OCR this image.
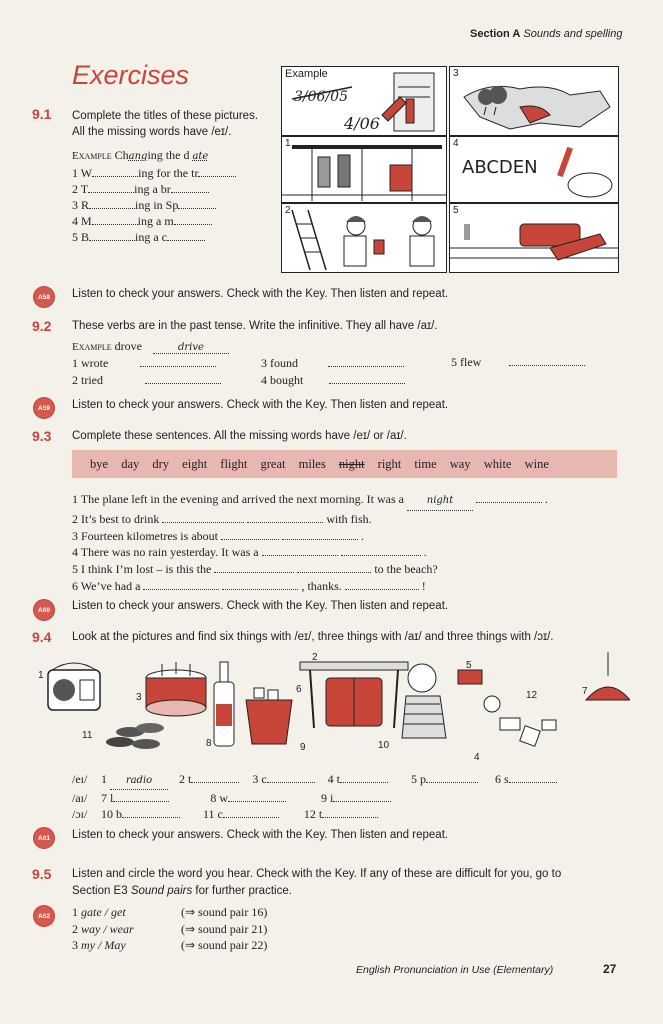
Section A Sounds and spelling
Exercises
9.1 Complete the titles of these pictures.
All the missing words have /eɪ/.
Example Changing the d ate
1 W	ing for the tr
2 T	ing a br
3 R	ing in Sp
4 M	ing a m
5 B	ing a c
Example
3/06/05
4/06
3
1	4
ABCDEN
2	5
A58	Listen to check your answers. Check with the Key. Then listen and repeat.
9.2 These verbs are in the past tense. Write the infinitive. They all have /aɪ/.
Example drove	drive
1 wrote
2 tried
3 found
4 bought
5 flew
A59	Listen to check your answers. Check with the Key. Then listen and repeat.
9.3 Complete these sentences. All the missing words have /eɪ/ or /aɪ/.
bye day dry eight flight great miles night right time way white wine
1 The plane left in the evening and arrived the next morning. It was a night	.
2 It’s best to drink	with fish.
3 Fourteen kilometres is about	.
4 There was no rain yesterday. It was a	.
5 I think I’m lost – is this the	to the beach?
6 We’ve had a	, thanks.	!
A60	Listen to check your answers. Check with the Key. Then listen and repeat.
9.4 Look at the pictures and find six things with /eɪ/, three things with /aɪ/ and three things with /ɔɪ/.
1
3
11
8	9
2
6
5
10
4
12	7
/eɪ/ 1 radio 2 t	3 c	4 t	5 p	6 s
/aɪ/ 7 l	8 w	9 i
/ɔɪ/ 10 b	11 c	12 t
A61	Listen to check your answers. Check with the Key. Then listen and repeat.
9.5 Listen and circle the word you hear. Check with the Key. If any of these are difficult for you, go to
Section E3 Sound pairs for further practice.
A62	1 gate / get	(⇒ sound pair 16)
2 way / wear	(⇒ sound pair 21)
3 my / May	(⇒ sound pair 22)
English Pronunciation in Use (Elementary)	27
